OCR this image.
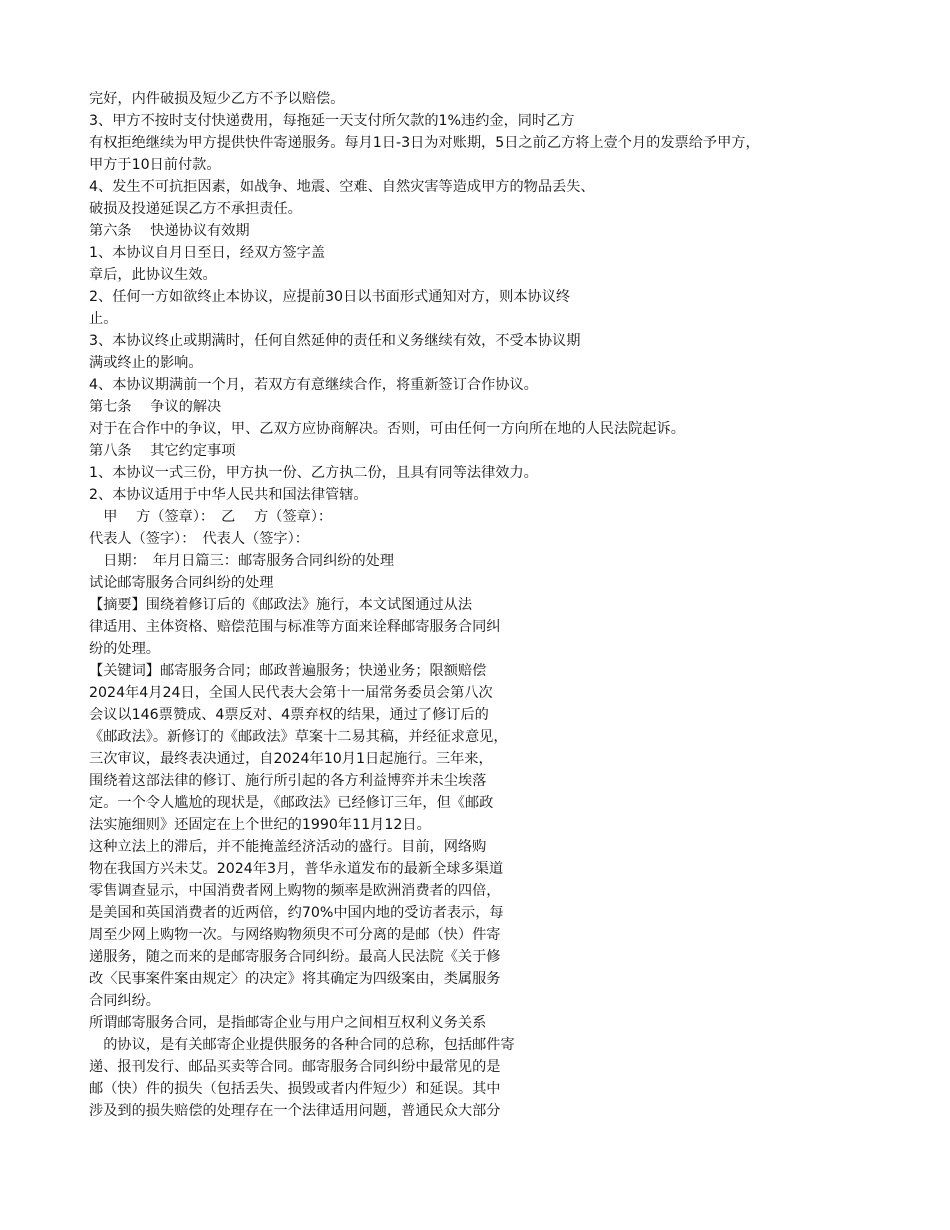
完好，内件破损及短少乙方不予以赔偿。
3、甲方不按时支付快递费用，每拖延一天支付所欠款的1%违约金，同时乙方
有权拒绝继续为甲方提供快件寄递服务。每月1日-3日为对账期，5日之前乙方将上壹个月的发票给予甲方，
甲方于10日前付款。
4、发生不可抗拒因素，如战争、地震、空难、自然灾害等造成甲方的物品丢失、
破损及投递延误乙方不承担责任。
第六条　 快递协议有效期
1、本协议自月日至日，经双方签字盖
章后，此协议生效。
2、任何一方如欲终止本协议，应提前30日以书面形式通知对方，则本协议终
止。
3、本协议终止或期满时，任何自然延伸的责任和义务继续有效，不受本协议期
满或终止的影响。
4、本协议期满前一个月，若双方有意继续合作，将重新签订合作协议。
第七条　 争议的解决
对于在合作中的争议，甲、乙双方应协商解决。否则，可由任何一方向所在地的人民法院起诉。
第八条　 其它约定事项
1、本协议一式三份，甲方执一份、乙方执二份，且具有同等法律效力。
2、本协议适用于中华人民共和国法律管辖。
　甲　 方（签章）：　乙　 方（签章）：
代表人（签字）：　代表人（签字）：
　日期：　年月日篇三：邮寄服务合同纠纷的处理
试论邮寄服务合同纠纷的处理
【摘要】围绕着修订后的《邮政法》施行，本文试图通过从法
律适用、主体资格、赔偿范围与标准等方面来诠释邮寄服务合同纠
纷的处理。
【关键词】邮寄服务合同；邮政普遍服务；快递业务；限额赔偿
2024年4月24日，全国人民代表大会第十一届常务委员会第八次
会议以146票赞成、4票反对、4票弃权的结果，通过了修订后的
《邮政法》。新修订的《邮政法》草案十二易其稿，并经征求意见，
三次审议，最终表决通过，自2024年10月1日起施行。三年来，
围绕着这部法律的修订、施行所引起的各方利益博弈并未尘埃落
定。一个令人尴尬的现状是，《邮政法》已经修订三年，但《邮政
法实施细则》还固定在上个世纪的1990年11月12日。
这种立法上的滞后，并不能掩盖经济活动的盛行。目前，网络购
物在我国方兴未艾。2024年3月，普华永道发布的最新全球多渠道
零售调查显示，中国消费者网上购物的频率是欧洲消费者的四倍，
是美国和英国消费者的近两倍，约70%中国内地的受访者表示，每
周至少网上购物一次。与网络购物须臾不可分离的是邮（快）件寄
递服务，随之而来的是邮寄服务合同纠纷。最高人民法院《关于修
改〈民事案件案由规定〉的决定》将其确定为四级案由，类属服务
合同纠纷。
所谓邮寄服务合同，是指邮寄企业与用户之间相互权利义务关系
　的协议，是有关邮寄企业提供服务的各种合同的总称，包括邮件寄
递、报刊发行、邮品买卖等合同。邮寄服务合同纠纷中最常见的是
邮（快）件的损失（包括丢失、损毁或者内件短少）和延误。其中
涉及到的损失赔偿的处理存在一个法律适用问题，普通民众大部分
